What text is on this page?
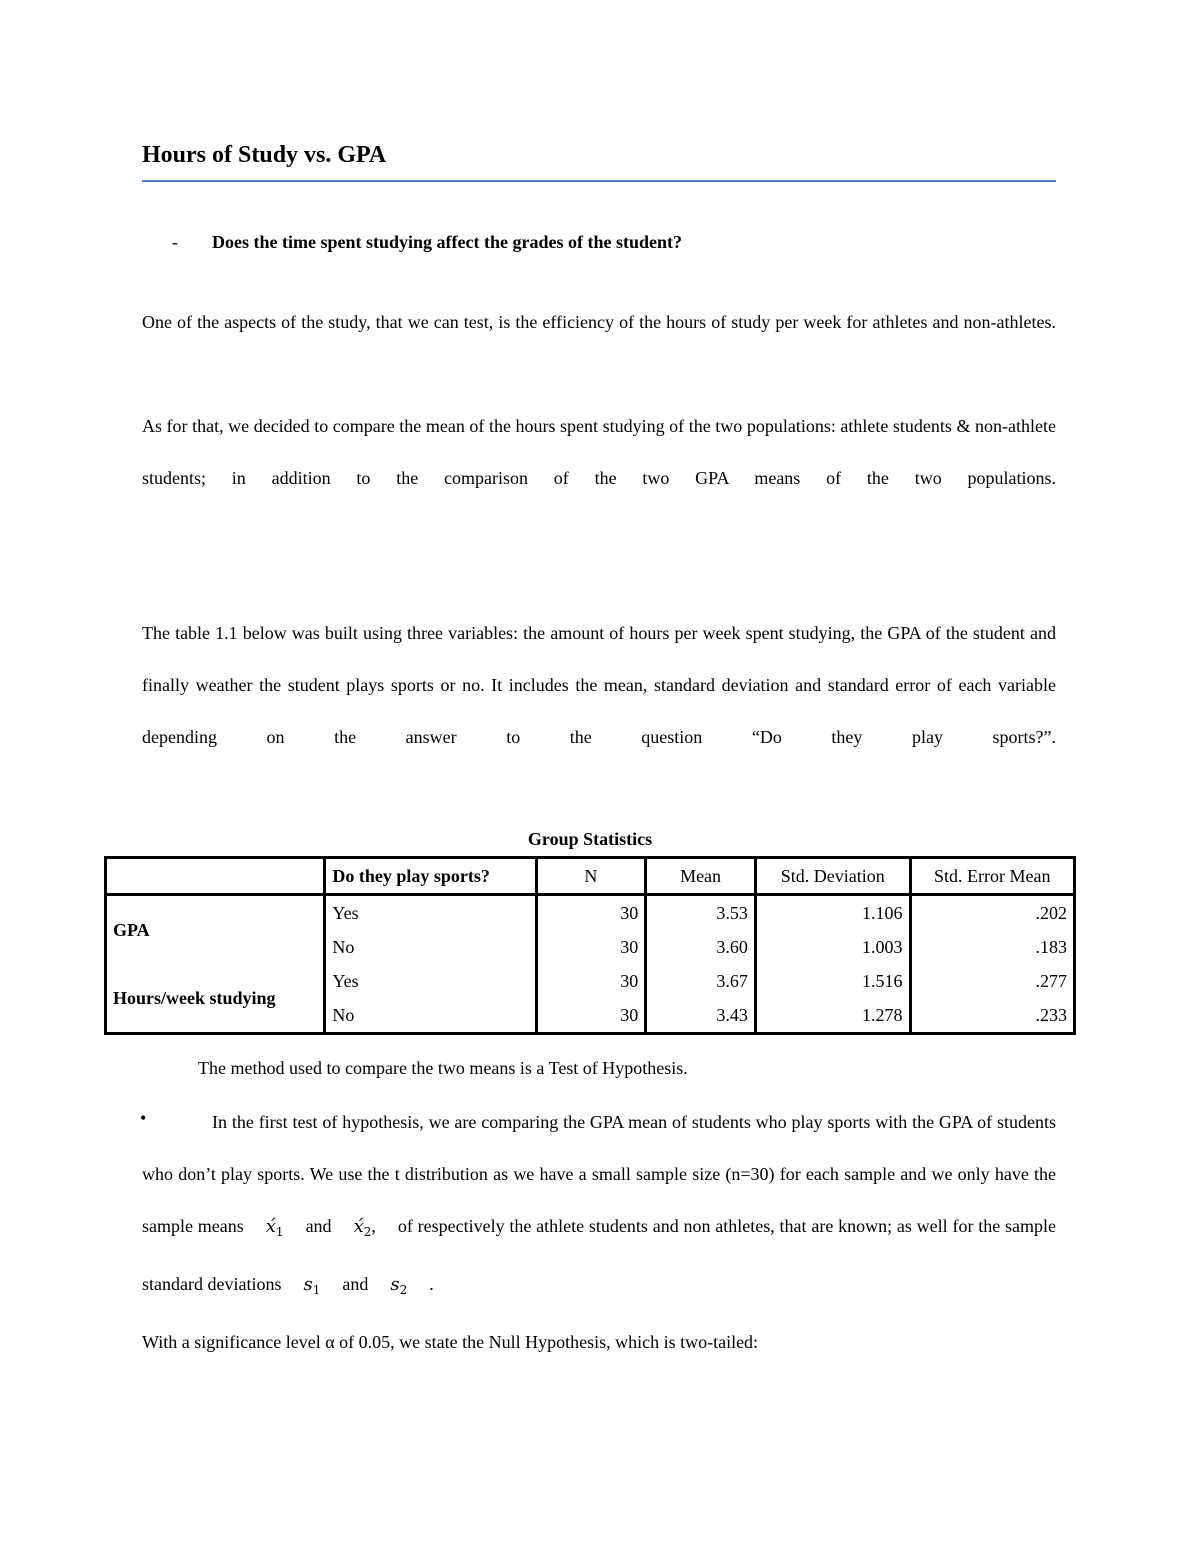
Hours of Study vs. GPA
- Does the time spent studying affect the grades of the student?
One of the aspects of the study, that we can test, is the efficiency of the hours of study per week for athletes and non-athletes.
As for that, we decided to compare the mean of the hours spent studying of the two populations: athlete students & non-athlete students; in addition to the comparison of the two GPA means of the two populations.
The table 1.1 below was built using three variables: the amount of hours per week spent studying, the GPA of the student and finally weather the student plays sports or no. It includes the mean, standard deviation and standard error of each variable depending on the answer to the question “Do they play sports?”.
Group Statistics
	Do they play sports?	N	Mean	Std. Deviation	Std. Error Mean
GPA	Yes	30	3.53	1.106	.202
	No	30	3.60	1.003	.183
Hours/week studying	Yes	30	3.67	1.516	.277
	No	30	3.43	1.278	.233
The method used to compare the two means is a Test of Hypothesis.
•	In the first test of hypothesis, we are comparing the GPA mean of students who play sports with the GPA of students who don’t play sports. We use the t distribution as we have a small sample size (n=30) for each sample and we only have the sample means $x́_1$ and $x́_2$, of respectively the athlete students and non athletes, that are known; as well for the sample standard deviations $s_1$ and $s_2$ .
With a significance level α of 0.05, we state the Null Hypothesis, which is two-tailed:
